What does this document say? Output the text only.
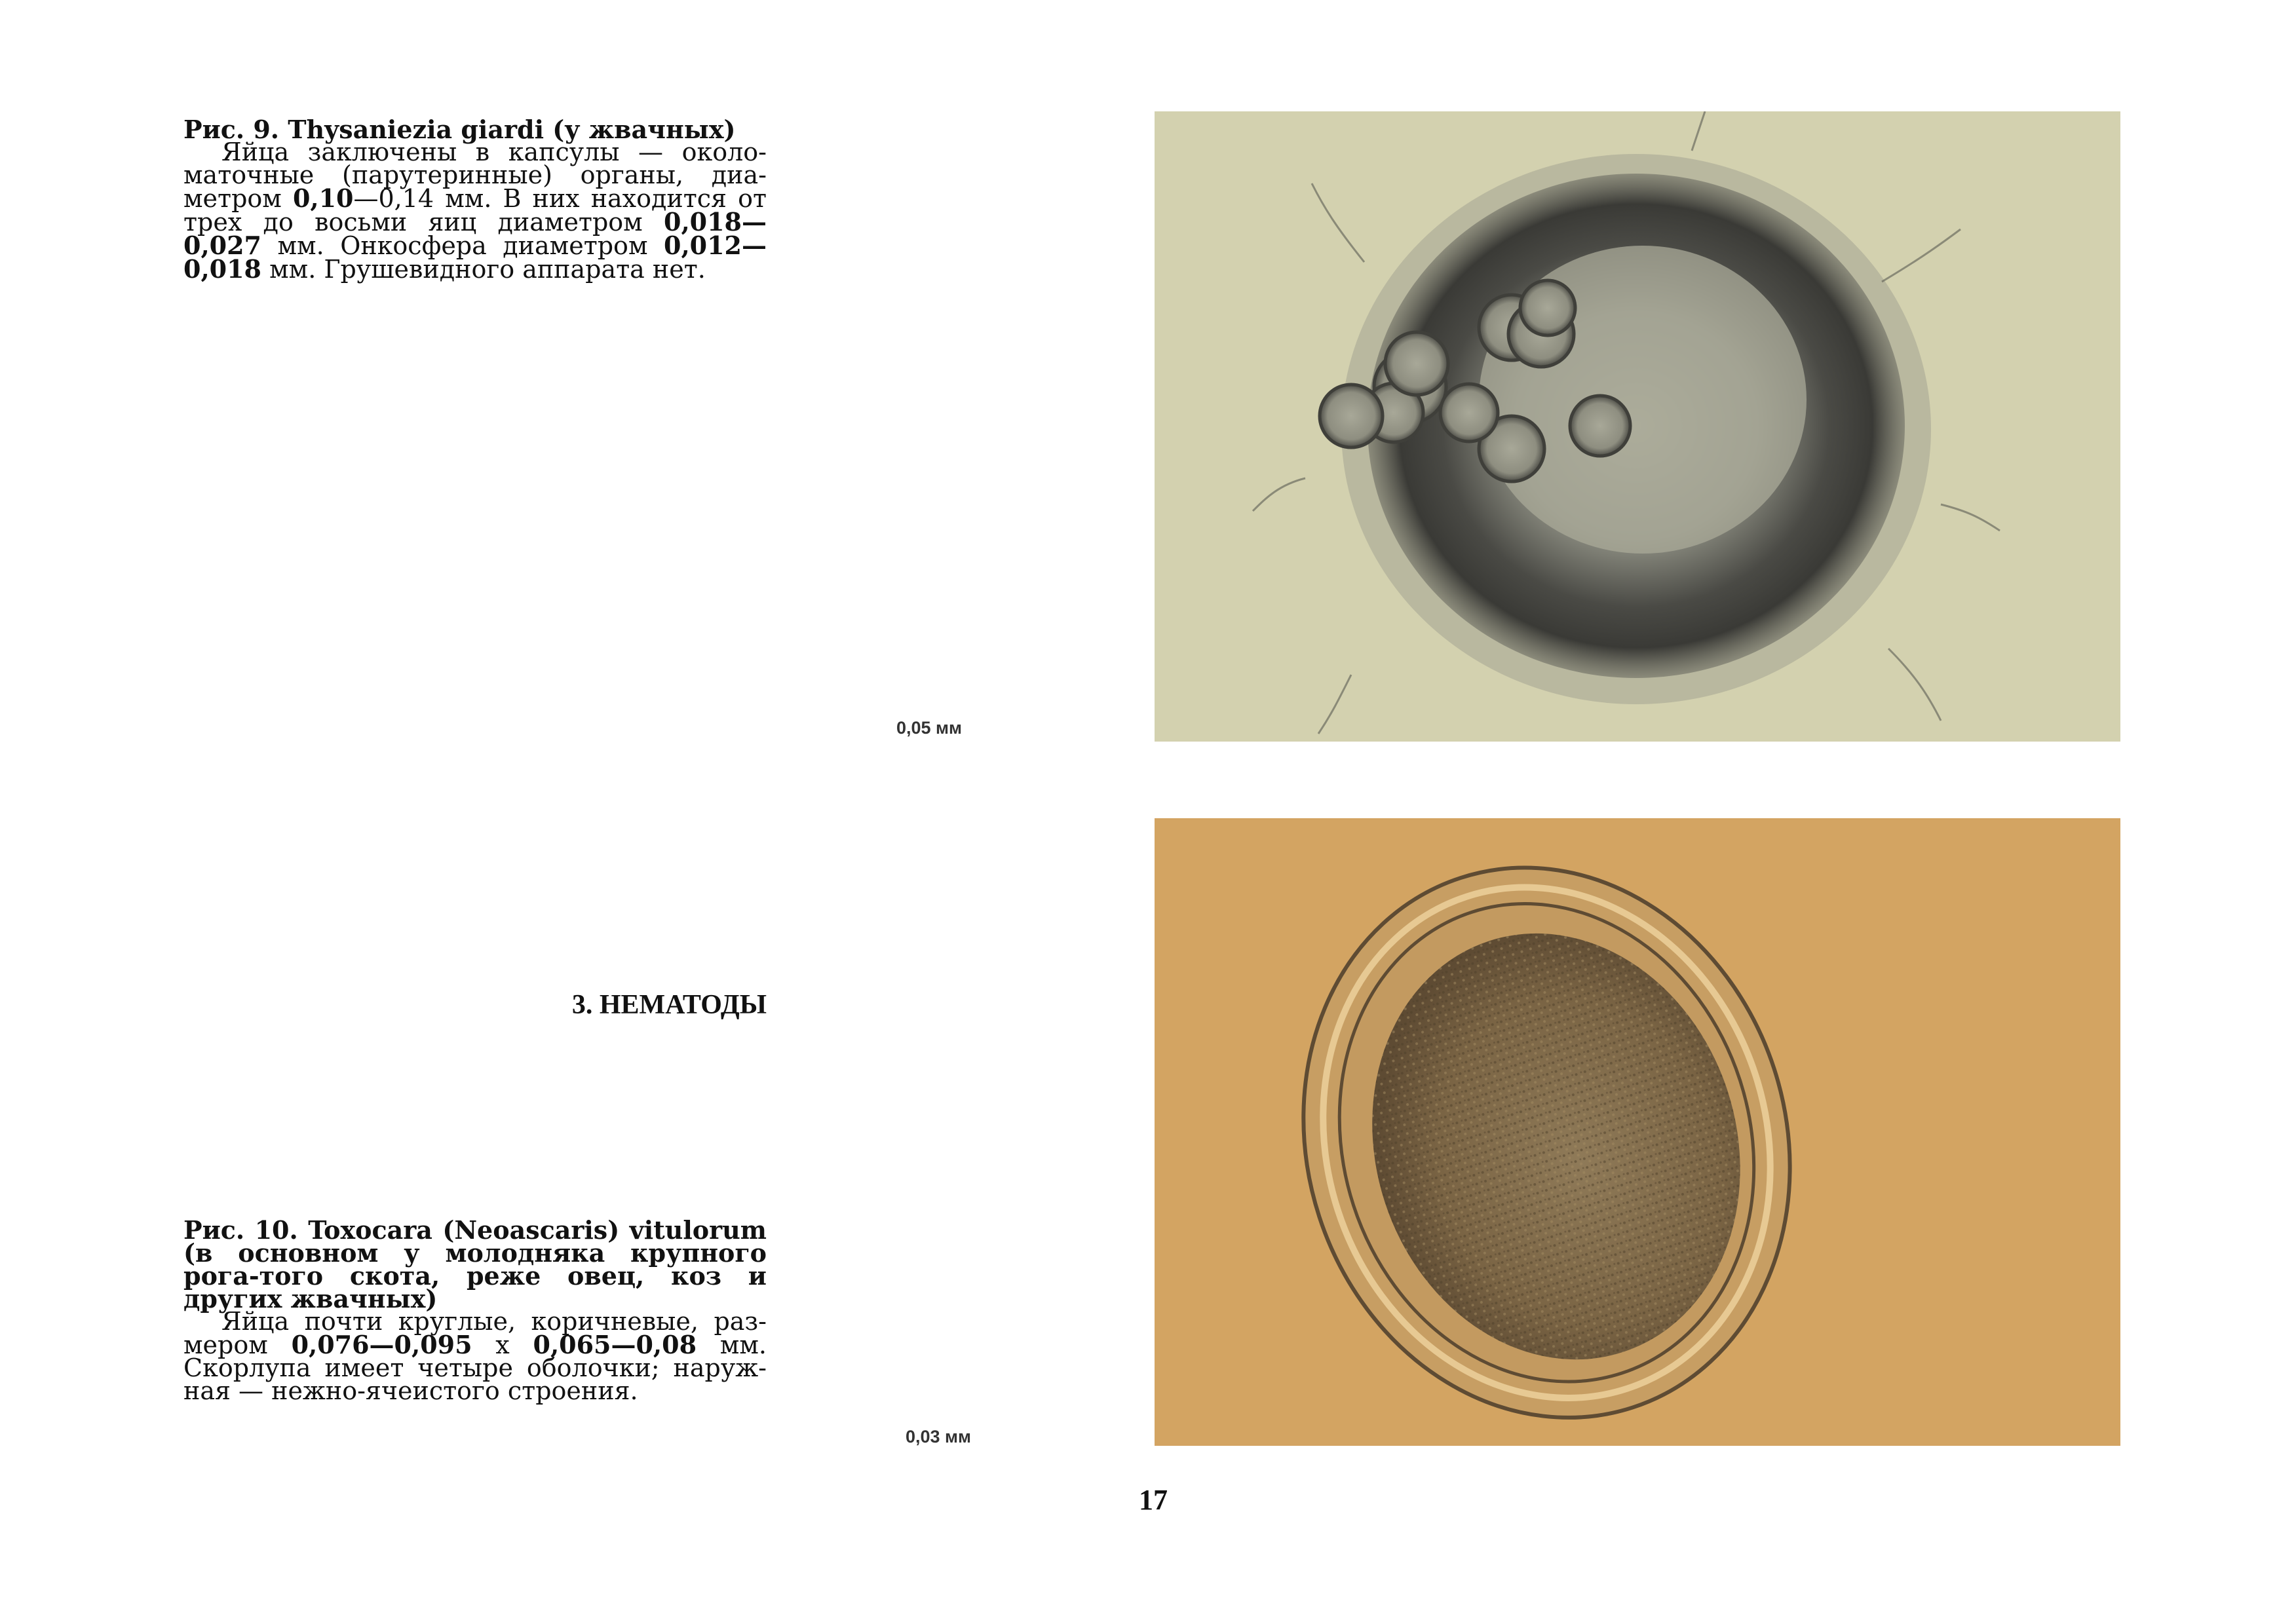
Рис. 9. Thysaniezia giardi (у жвачных)

Яйца заключены в капсулы — около-маточные (парутеринные) органы, диа-метром 0,10—0,14 мм. В них находится от трех до восьми яиц диаметром 0,018— 0,027 мм. Онкосфера диаметром 0,012— 0,018 мм. Грушевидного аппарата нет.

3. НЕМАТОДЫ
Рис. 10. Toxocara (Neoascaris) vitulorum (в основном у молодняка крупного рога-того скота, реже овец, коз и других жвачных)

Яйца почти круглые, коричневые, раз-мером 0,076—0,095 x 0,065—0,08 мм. Скорлупа имеет четыре оболочки; наруж-ная — нежно-ячеистого строения.

0,05 мм
0,03 мм
17
